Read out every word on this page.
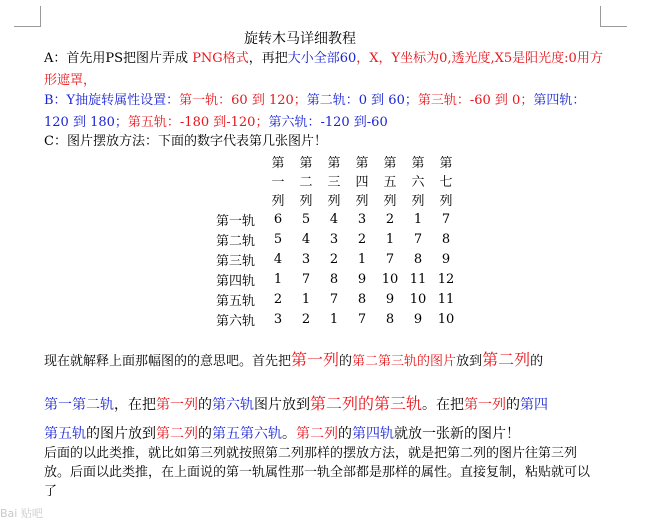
旋转木马详细教程
A：首先用PS把图片弄成 PNG格式，再把大小全部60，X，Y坐标为0,透光度,X5是阳光度:0用方形遮罩，
B：Y抽旋转属性设置：第一轨：60 到 120；第二轨：0 到 60；第三轨：-60 到 0；第四轨：120 到 180；第五轨：-180 到-120；第六轨：-120 到-60
C：图片摆放方法：下面的数字代表第几张图片！
	第	第	第	第	第	第	第
	一	二	三	四	五	六	七
	列	列	列	列	列	列	列
第一轨	6	5	4	3	2	1	7
第二轨	5	4	3	2	1	7	8
第三轨	4	3	2	1	7	8	9
第四轨	1	7	8	9	10	11	12
第五轨	2	1	7	8	9	10	11
第六轨	3	2	1	7	8	9	10
现在就解释上面那幅图的的意思吧。首先把第一列的第二第三轨的图片放到第二列的
第一第二轨，在把第一列的第六轨图片放到第二列的第三轨。在把第一列的第四
第五轨的图片放到第二列的第五第六轨。第二列的第四轨就放一张新的图片！
后面的以此类推，就比如第三列就按照第二列那样的摆放方法，就是把第二列的图片往第三列放。后面以此类推，在上面说的第一轨属性那一轨全部都是那样的属性。直接复制，粘贴就可以了
Bai 贴吧
